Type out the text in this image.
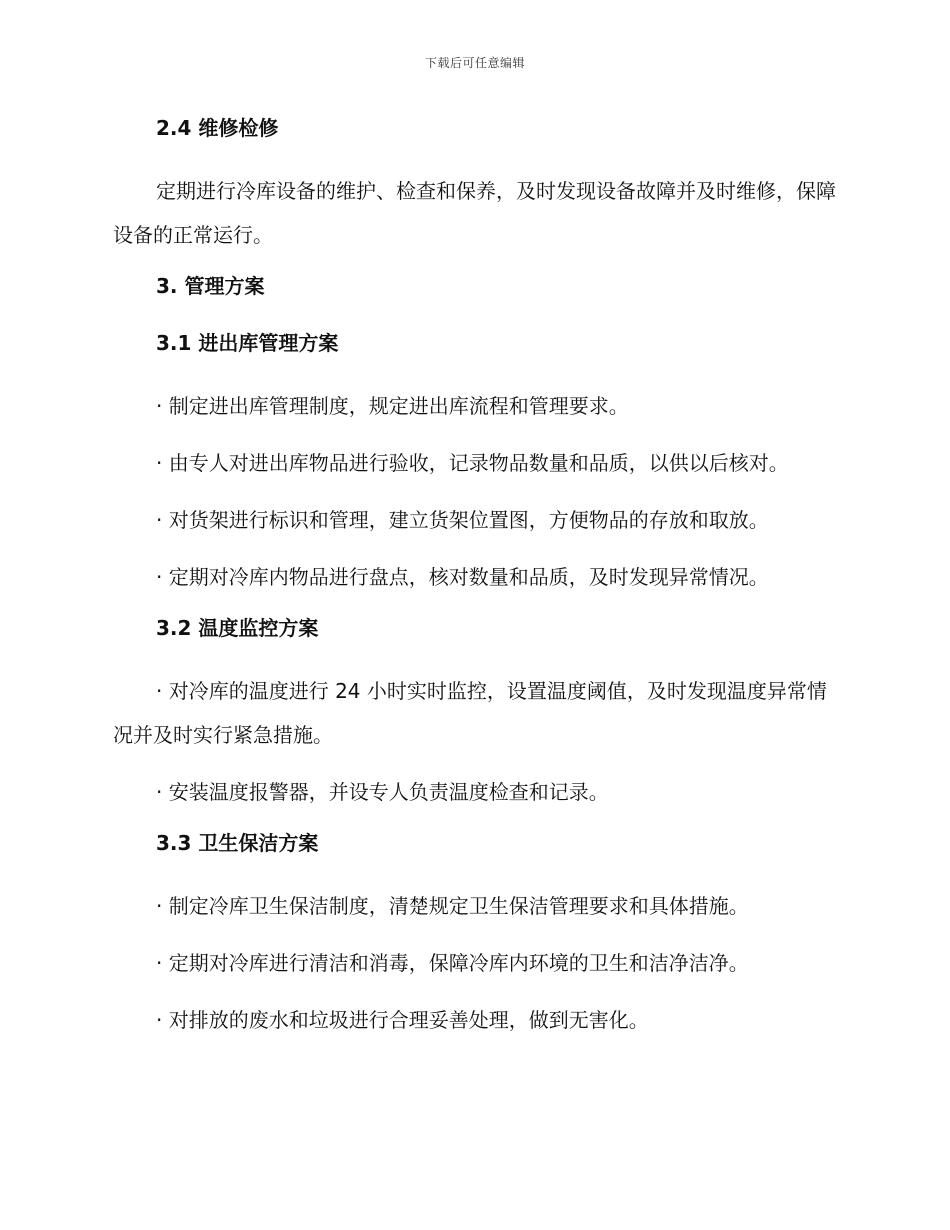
下载后可任意编辑
2.4 维修检修

定期进行冷库设备的维护、检查和保养，及时发现设备故障并及时维修，保障设备的正常运行。

3. 管理方案
3.1 进出库管理方案

· 制定进出库管理制度，规定进出库流程和管理要求。

· 由专人对进出库物品进行验收，记录物品数量和品质，以供以后核对。

· 对货架进行标识和管理，建立货架位置图，方便物品的存放和取放。

· 定期对冷库内物品进行盘点，核对数量和品质，及时发现异常情况。

3.2 温度监控方案

· 对冷库的温度进行 24 小时实时监控，设置温度阈值，及时发现温度异常情况并及时实行紧急措施。

· 安装温度报警器，并设专人负责温度检查和记录。

3.3 卫生保洁方案

· 制定冷库卫生保洁制度，清楚规定卫生保洁管理要求和具体措施。

· 定期对冷库进行清洁和消毒，保障冷库内环境的卫生和洁净洁净。

· 对排放的废水和垃圾进行合理妥善处理，做到无害化。
